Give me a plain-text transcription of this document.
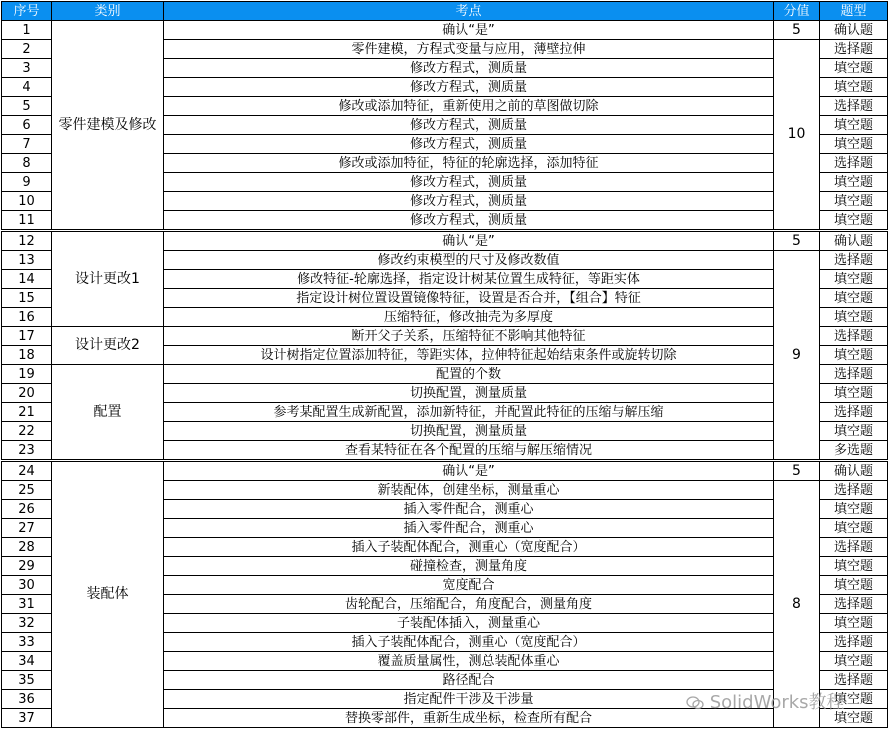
序号	类别	考点	分值	题型
1	零件建模及修改	确认“是”	5	确认题
2		零件建模，方程式变量与应用，薄壁拉伸	10	选择题
3		修改方程式，测质量		填空题
4		修改方程式，测质量		填空题
5		修改或添加特征，重新使用之前的草图做切除		选择题
6		修改方程式，测质量		填空题
7		修改方程式，测质量		填空题
8		修改或添加特征，特征的轮廓选择，添加特征		选择题
9		修改方程式，测质量		填空题
10		修改方程式，测质量		填空题
11		修改方程式，测质量		填空题
12	设计更改1	确认“是”	5	确认题
13		修改约束模型的尺寸及修改数值	9	选择题
14		修改特征-轮廓选择，指定设计树某位置生成特征，等距实体		填空题
15		指定设计树位置设置镜像特征，设置是否合并，【组合】特征		填空题
16		压缩特征，修改抽壳为多厚度		填空题
17	设计更改2	断开父子关系，压缩特征不影响其他特征		选择题
18		设计树指定位置添加特征，等距实体，拉伸特征起始结束条件或旋转切除		填空题
19	配置	配置的个数		选择题
20		切换配置，测量质量		填空题
21		参考某配置生成新配置，添加新特征，并配置此特征的压缩与解压缩		选择题
22		切换配置，测量质量		填空题
23		查看某特征在各个配置的压缩与解压缩情况		多选题
24	装配体	确认“是”	5	确认题
25		新装配体，创建坐标，测量重心	8	选择题
26		插入零件配合，测重心		填空题
27		插入零件配合，测重心		填空题
28		插入子装配体配合，测重心（宽度配合）		选择题
29		碰撞检查，测量角度		填空题
30		宽度配合		填空题
31		齿轮配合，压缩配合，角度配合，测量角度		选择题
32		子装配体插入，测量重心		填空题
33		插入子装配体配合，测重心（宽度配合）		选择题
34		覆盖质量属性，测总装配体重心		填空题
35		路径配合		选择题
36		指定配件干涉及干涉量		填空题
37		替换零部件，重新生成坐标，检查所有配合		填空题
SolidWorks教程
